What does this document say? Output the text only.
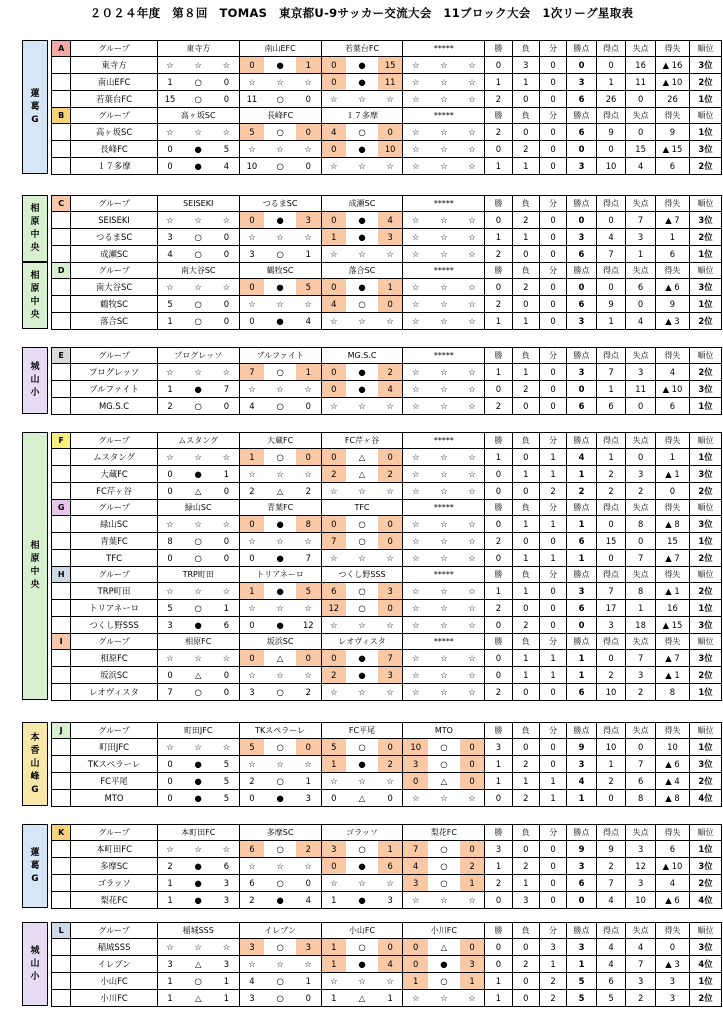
２０２４年度　第８回　TOMAS　東京都U-9サッカー交流大会　11ブロック大会　1次リーグ星取表
蓮
葛
G
A	グループ	東寺方			南山EFC			若葉台FC			*****			勝	負	分	勝点	得点	失点	得失	順位
	東寺方	☆	☆	☆	0	●	1	0	●	15	☆	☆	☆	0	3	0	0	0	16	▲ 16	3位
	南山EFC	1	○	0	☆	☆	☆	0	●	11	☆	☆	☆	1	1	0	3	1	11	▲ 10	2位
	若葉台FC	15	○	0	11	○	0	☆	☆	☆	☆	☆	☆	2	0	0	6	26	0	26	1位
B	グループ	高ヶ坂SC			長峰FC			１７多摩			*****			勝	負	分	勝点	得点	失点	得失	順位
	高ヶ坂SC	☆	☆	☆	5	○	0	4	○	0	☆	☆	☆	2	0	0	6	9	0	9	1位
	長峰FC	0	●	5	☆	☆	☆	0	●	10	☆	☆	☆	0	2	0	0	0	15	▲ 15	3位
	１７多摩	0	●	4	10	○	0	☆	☆	☆	☆	☆	☆	1	1	0	3	10	4	6	2位
相
原
中
央
C	グループ	SEISEKI			つるまSC			成瀬SC			*****			勝	負	分	勝点	得点	失点	得失	順位
	SEISEKI	☆	☆	☆	0	●	3	0	●	4	☆	☆	☆	0	2	0	0	0	7	▲ 7	3位
	つるまSC	3	○	0	☆	☆	☆	1	●	3	☆	☆	☆	1	1	0	3	4	3	1	2位
	成瀬SC	4	○	0	3	○	1	☆	☆	☆	☆	☆	☆	2	0	0	6	7	1	6	1位
相
原
中
央
D	グループ	南大谷SC			鶴牧SC			落合SC			*****			勝	負	分	勝点	得点	失点	得失	順位
	南大谷SC	☆	☆	☆	0	●	5	0	●	1	☆	☆	☆	0	2	0	0	0	6	▲ 6	3位
	鶴牧SC	5	○	0	☆	☆	☆	4	○	0	☆	☆	☆	2	0	0	6	9	0	9	1位
	落合SC	1	○	0	0	●	4	☆	☆	☆	☆	☆	☆	1	1	0	3	1	4	▲ 3	2位
城
山
小
E	グループ	プログレッソ			ブルファイト			MG.S.C			*****			勝	負	分	勝点	得点	失点	得失	順位
	プログレッソ	☆	☆	☆	7	○	1	0	●	2	☆	☆	☆	1	1	0	3	7	3	4	2位
	ブルファイト	1	●	7	☆	☆	☆	0	●	4	☆	☆	☆	0	2	0	0	1	11	▲ 10	3位
	MG.S.C	2	○	0	4	○	0	☆	☆	☆	☆	☆	☆	2	0	0	6	6	0	6	1位
相
原
中
央
F	グループ	ムスタング			大蔵FC			FC芹ヶ谷			*****			勝	負	分	勝点	得点	失点	得失	順位
	ムスタング	☆	☆	☆	1	○	0	0	△	0	☆	☆	☆	1	0	1	4	1	0	1	1位
	大蔵FC	0	●	1	☆	☆	☆	2	△	2	☆	☆	☆	0	1	1	1	2	3	▲ 1	3位
	FC芹ヶ谷	0	△	0	2	△	2	☆	☆	☆	☆	☆	☆	0	0	2	2	2	2	0	2位
G	グループ	緑山SC			青葉FC			TFC			*****			勝	負	分	勝点	得点	失点	得失	順位
	緑山SC	☆	☆	☆	0	●	8	0	○	0	☆	☆	☆	0	1	1	1	0	8	▲ 8	3位
	青葉FC	8	○	0	☆	☆	☆	7	○	0	☆	☆	☆	2	0	0	6	15	0	15	1位
	TFC	0	○	0	0	●	7	☆	☆	☆	☆	☆	☆	0	1	1	1	0	7	▲ 7	2位
H	グループ	TRP町田			トリアネーロ			つくし野SSS			*****			勝	負	分	勝点	得点	失点	得失	順位
	TRP町田	☆	☆	☆	1	●	5	6	○	3	☆	☆	☆	1	1	0	3	7	8	▲ 1	2位
	トリアネーロ	5	○	1	☆	☆	☆	12	○	0	☆	☆	☆	2	0	0	6	17	1	16	1位
	つくし野SSS	3	●	6	0	●	12	☆	☆	☆	☆	☆	☆	0	2	0	0	3	18	▲ 15	3位
I	グループ	相原FC			坂浜SC			レオヴィスタ			*****			勝	負	分	勝点	得点	失点	得失	順位
	相原FC	☆	☆	☆	0	△	0	0	●	7	☆	☆	☆	0	1	1	1	0	7	▲ 7	3位
	坂浜SC	0	△	0	☆	☆	☆	2	●	3	☆	☆	☆	0	1	1	1	2	3	▲ 1	2位
	レオヴィスタ	7	○	0	3	○	2	☆	☆	☆	☆	☆	☆	2	0	0	6	10	2	8	1位
本
香
山
峰
G
J	グループ	町田JFC			TKスペラーレ			FC平尾			MTO			勝	負	分	勝点	得点	失点	得失	順位
	町田JFC	☆	☆	☆	5	○	0	5	○	0	10	○	0	3	0	0	9	10	0	10	1位
	TKスペラーレ	0	●	5	☆	☆	☆	1	●	2	3	○	0	1	2	0	3	1	7	▲ 6	3位
	FC平尾	0	●	5	2	○	1	☆	☆	☆	0	△	0	1	1	1	4	2	6	▲ 4	2位
	MTO	0	●	5	0	●	3	0	△	0	☆	☆	☆	0	2	1	1	0	8	▲ 8	4位
蓮
葛
G
K	グループ	本町田FC			多摩SC			ゴラッソ			梨花FC			勝	負	分	勝点	得点	失点	得失	順位
	本町田FC	☆	☆	☆	6	○	2	3	○	1	7	○	0	3	0	0	9	9	3	6	1位
	多摩SC	2	●	6	☆	☆	☆	0	●	6	4	○	2	1	2	0	3	2	12	▲ 10	3位
	ゴラッソ	1	●	3	6	○	0	☆	☆	☆	3	○	1	2	1	0	6	7	3	4	2位
	梨花FC	1	●	3	2	●	4	1	●	3	☆	☆	☆	0	3	0	0	4	10	▲ 6	4位
城
山
小
L	グループ	稲城SSS			イレブン			小山FC			小川FC			勝	負	分	勝点	得点	失点	得失	順位
	稲城SSS	☆	☆	☆	3	○	3	1	○	0	0	△	0	0	0	3	3	4	4	0	3位
	イレブン	3	△	3	☆	☆	☆	1	●	4	0	●	3	0	2	1	1	4	7	▲ 3	4位
	小山FC	1	○	1	4	○	1	☆	☆	☆	1	○	1	1	0	2	5	6	3	3	1位
	小川FC	1	△	1	3	○	0	1	△	1	☆	☆	☆	1	0	2	5	5	2	3	2位
